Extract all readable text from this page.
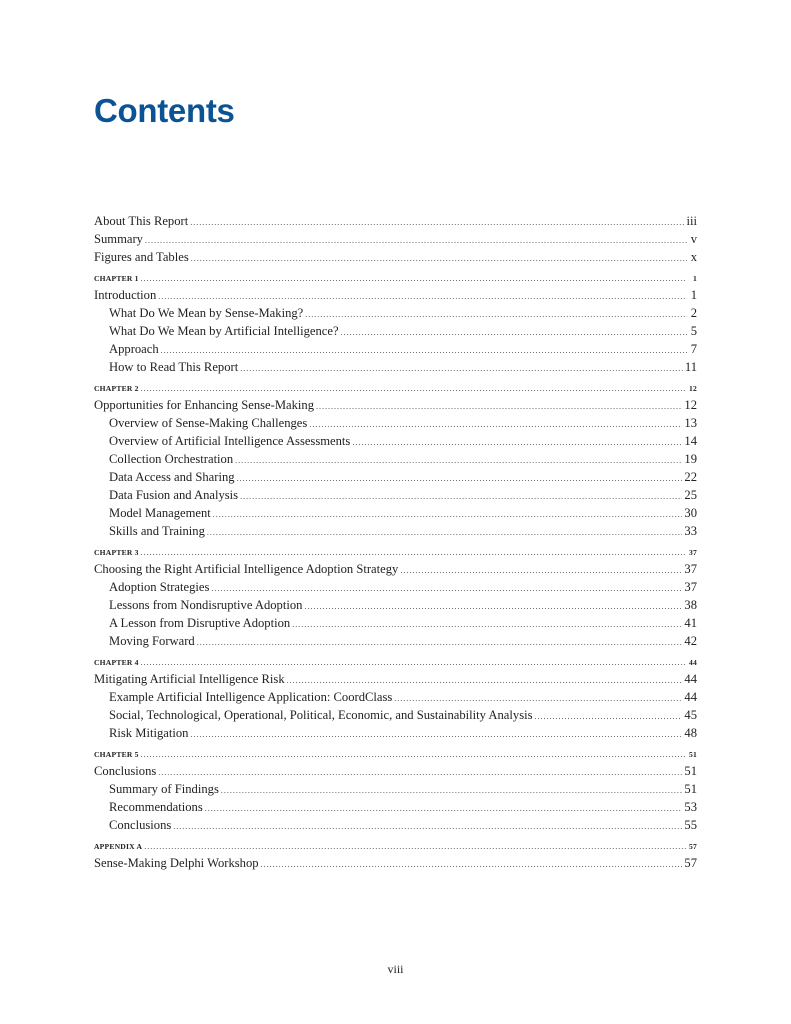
Contents
About This Report .....	iii
Summary .....	v
Figures and Tables .....	x
CHAPTER 1 .....	1
Introduction .....	1
What Do We Mean by Sense-Making? .....	2
What Do We Mean by Artificial Intelligence? .....	5
Approach .....	7
How to Read This Report .....	11
CHAPTER 2 .....	12
Opportunities for Enhancing Sense-Making .....	12
Overview of Sense-Making Challenges .....	13
Overview of Artificial Intelligence Assessments .....	14
Collection Orchestration .....	19
Data Access and Sharing .....	22
Data Fusion and Analysis .....	25
Model Management .....	30
Skills and Training .....	33
CHAPTER 3 .....	37
Choosing the Right Artificial Intelligence Adoption Strategy .....	37
Adoption Strategies .....	37
Lessons from Nondisruptive Adoption .....	38
A Lesson from Disruptive Adoption .....	41
Moving Forward .....	42
CHAPTER 4 .....	44
Mitigating Artificial Intelligence Risk .....	44
Example Artificial Intelligence Application: CoordClass .....	44
Social, Technological, Operational, Political, Economic, and Sustainability Analysis .....	45
Risk Mitigation .....	48
CHAPTER 5 .....	51
Conclusions .....	51
Summary of Findings .....	51
Recommendations .....	53
Conclusions .....	55
APPENDIX A .....	57
Sense-Making Delphi Workshop .....	57
viii
